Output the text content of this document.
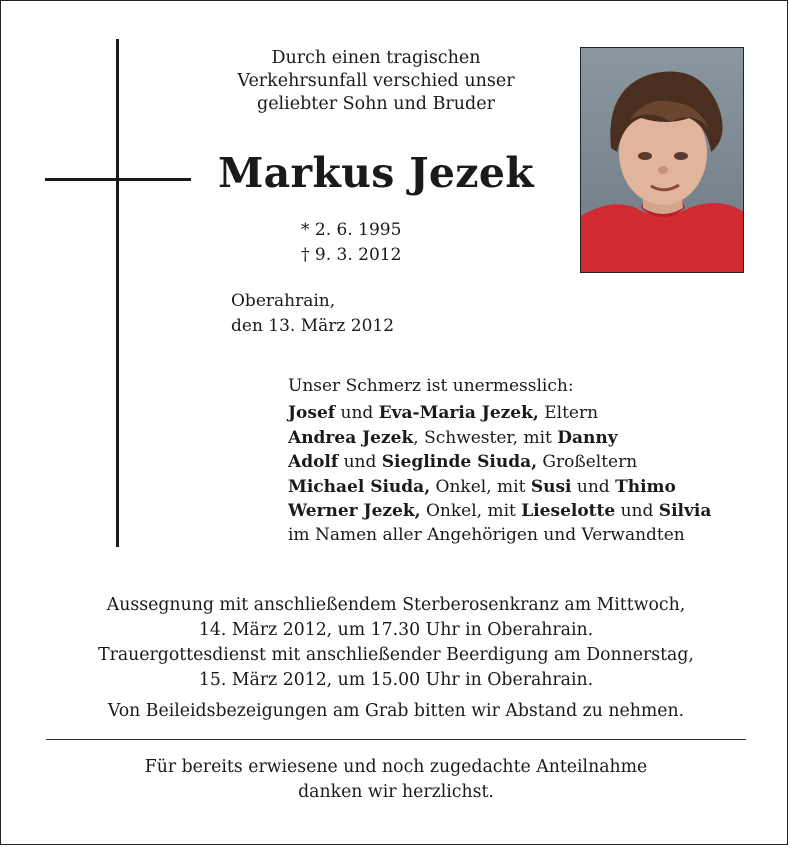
Durch einen tragischen
Verkehrsunfall verschied unser
geliebter Sohn und Bruder
Markus Jezek
* 2. 6. 1995
† 9. 3. 2012
Oberahrain,
den 13. März 2012
Unser Schmerz ist unermesslich:
Josef und Eva-Maria Jezek, Eltern
Andrea Jezek, Schwester, mit Danny
Adolf und Sieglinde Siuda, Großeltern
Michael Siuda, Onkel, mit Susi und Thimo
Werner Jezek, Onkel, mit Lieselotte und Silvia
im Namen aller Angehörigen und Verwandten
Aussegnung mit anschließendem Sterberosenkranz am Mittwoch,
14. März 2012, um 17.30 Uhr in Oberahrain.
Trauergottesdienst mit anschließender Beerdigung am Donnerstag,
15. März 2012, um 15.00 Uhr in Oberahrain.
Von Beileidsbezeigungen am Grab bitten wir Abstand zu nehmen.
Für bereits erwiesene und noch zugedachte Anteilnahme
danken wir herzlichst.
